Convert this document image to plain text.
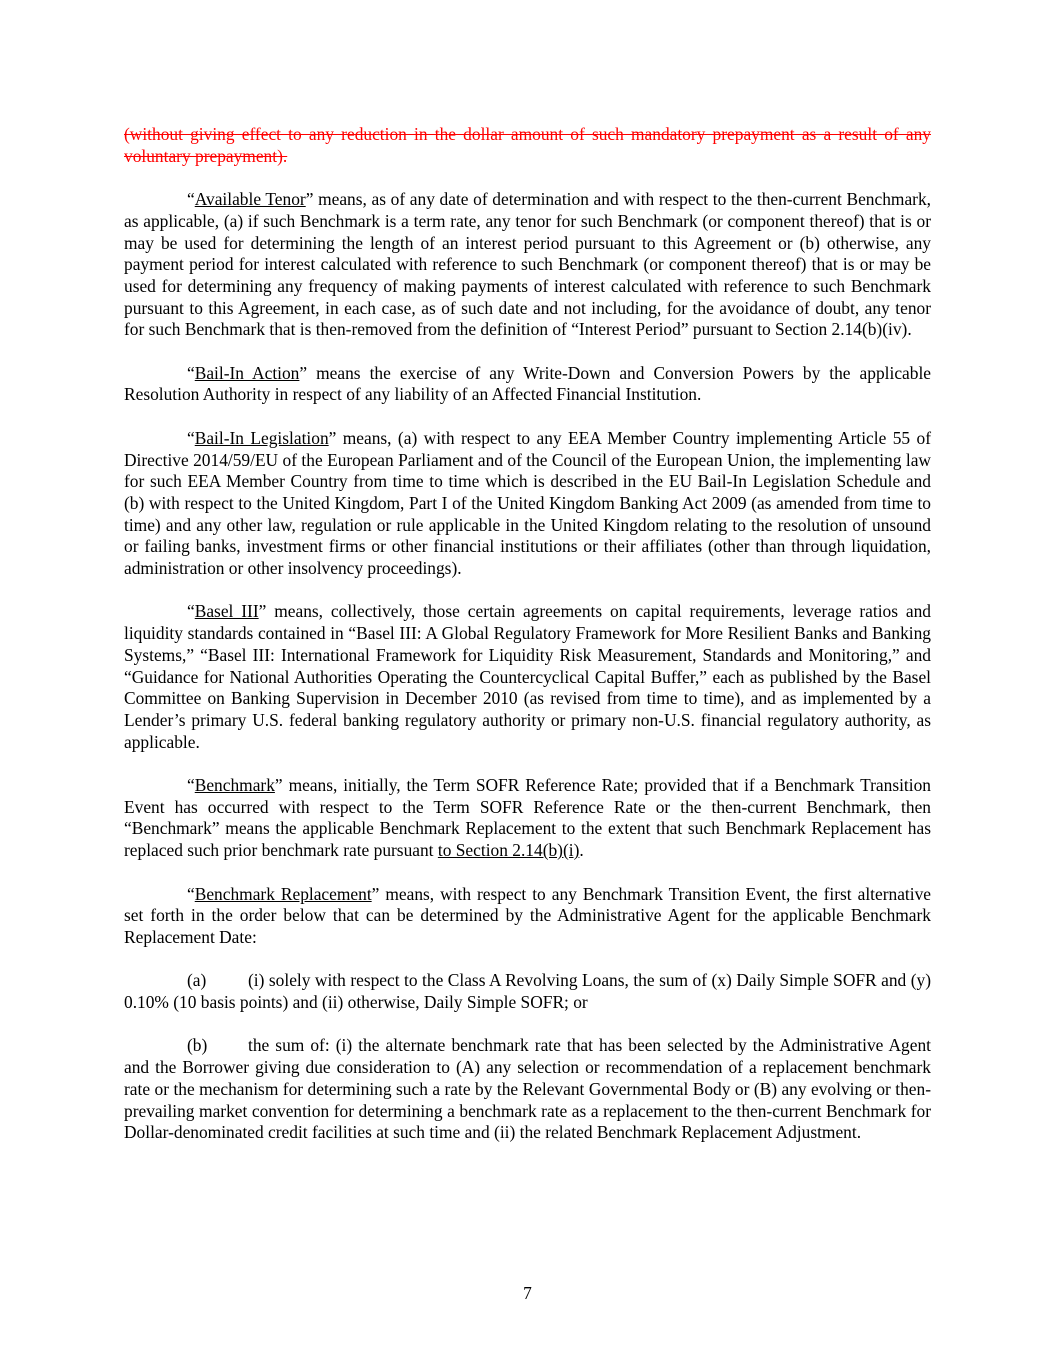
(without giving effect to any reduction in the dollar amount of such mandatory prepayment as a result of any voluntary prepayment).

“Available Tenor” means, as of any date of determination and with respect to the then-current Benchmark, as applicable, (a) if such Benchmark is a term rate, any tenor for such Benchmark (or component thereof) that is or may be used for determining the length of an interest period pursuant to this Agreement or (b) otherwise, any payment period for interest calculated with reference to such Benchmark (or component thereof) that is or may be used for determining any frequency of making payments of interest calculated with reference to such Benchmark pursuant to this Agreement, in each case, as of such date and not including, for the avoidance of doubt, any tenor for such Benchmark that is then-removed from the definition of “Interest Period” pursuant to Section 2.14(b)(iv).

“Bail-In Action” means the exercise of any Write-Down and Conversion Powers by the applicable Resolution Authority in respect of any liability of an Affected Financial Institution.

“Bail-In Legislation” means, (a) with respect to any EEA Member Country implementing Article 55 of Directive 2014/59/EU of the European Parliament and of the Council of the European Union, the implementing law for such EEA Member Country from time to time which is described in the EU Bail-In Legislation Schedule and (b) with respect to the United Kingdom, Part I of the United Kingdom Banking Act 2009 (as amended from time to time) and any other law, regulation or rule applicable in the United Kingdom relating to the resolution of unsound or failing banks, investment firms or other financial institutions or their affiliates (other than through liquidation, administration or other insolvency proceedings).

“Basel III” means, collectively, those certain agreements on capital requirements, leverage ratios and liquidity standards contained in “Basel III: A Global Regulatory Framework for More Resilient Banks and Banking Systems,” “Basel III: International Framework for Liquidity Risk Measurement, Standards and Monitoring,” and “Guidance for National Authorities Operating the Countercyclical Capital Buffer,” each as published by the Basel Committee on Banking Supervision in December 2010 (as revised from time to time), and as implemented by a Lender’s primary U.S. federal banking regulatory authority or primary non-U.S. financial regulatory authority, as applicable.

“Benchmark” means, initially, the Term SOFR Reference Rate; provided that if a Benchmark Transition Event has occurred with respect to the Term SOFR Reference Rate or the then-current Benchmark, then “Benchmark” means the applicable Benchmark Replacement to the extent that such Benchmark Replacement has replaced such prior benchmark rate pursuant to Section 2.14(b)(i).

“Benchmark Replacement” means, with respect to any Benchmark Transition Event, the first alternative set forth in the order below that can be determined by the Administrative Agent for the applicable Benchmark Replacement Date:

(a) (i) solely with respect to the Class A Revolving Loans, the sum of (x) Daily Simple SOFR and (y) 0.10% (10 basis points) and (ii) otherwise, Daily Simple SOFR; or

(b) the sum of: (i) the alternate benchmark rate that has been selected by the Administrative Agent and the Borrower giving due consideration to (A) any selection or recommendation of a replacement benchmark rate or the mechanism for determining such a rate by the Relevant Governmental Body or (B) any evolving or then-prevailing market convention for determining a benchmark rate as a replacement to the then-current Benchmark for Dollar-denominated credit facilities at such time and (ii) the related Benchmark Replacement Adjustment.

7
